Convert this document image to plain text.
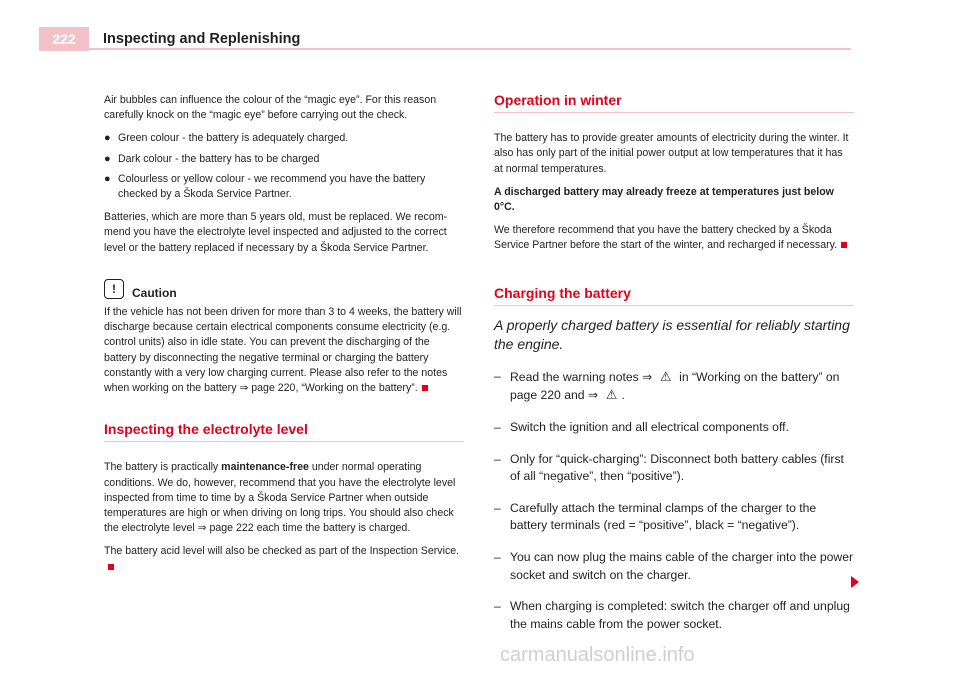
222	Inspecting and Replenishing

Air bubbles can influence the colour of the “magic eye”. For this reason carefully knock on the “magic eye” before carrying out the check.

● Green colour - the battery is adequately charged.
● Dark colour - the battery has to be charged
● Colourless or yellow colour - we recommend you have the battery checked by a Škoda Service Partner.

Batteries, which are more than 5 years old, must be replaced. We recom-mend you have the electrolyte level inspected and adjusted to the correct level or the battery replaced if necessary by a Škoda Service Partner.

!	Caution

If the vehicle has not been driven for more than 3 to 4 weeks, the battery will discharge because certain electrical components consume electricity (e.g. control units) also in idle state. You can prevent the discharging of the battery by disconnecting the negative terminal or charging the battery constantly with a very low charging current. Please also refer to the notes when working on the battery ⇒ page 220, “Working on the battery”.

Inspecting the electrolyte level

The battery is practically maintenance-free under normal operating conditions. We do, however, recommend that you have the electrolyte level inspected from time to time by a Škoda Service Partner when outside temperatures are high or when driving on long trips. You should also check the electrolyte level ⇒ page 222 each time the battery is charged.

The battery acid level will also be checked as part of the Inspection Service.

Operation in winter

The battery has to provide greater amounts of electricity during the winter. It also has only part of the initial power output at low temperatures that it has at normal temperatures.

A discharged battery may already freeze at temperatures just below 0°C.

We therefore recommend that you have the battery checked by a Škoda Service Partner before the start of the winter, and recharged if necessary.

Charging the battery

A properly charged battery is essential for reliably starting the engine.

– Read the warning notes ⇒ ⚠ in “Working on the battery” on page 220 and ⇒ ⚠ .
– Switch the ignition and all electrical components off.
– Only for “quick-charging”: Disconnect both battery cables (first of all “negative”, then “positive”).
– Carefully attach the terminal clamps of the charger to the battery terminals (red = “positive”, black = “negative”).
– You can now plug the mains cable of the charger into the power socket and switch on the charger.
– When charging is completed: switch the charger off and unplug the mains cable from the power socket.
carmanualsonline.info
